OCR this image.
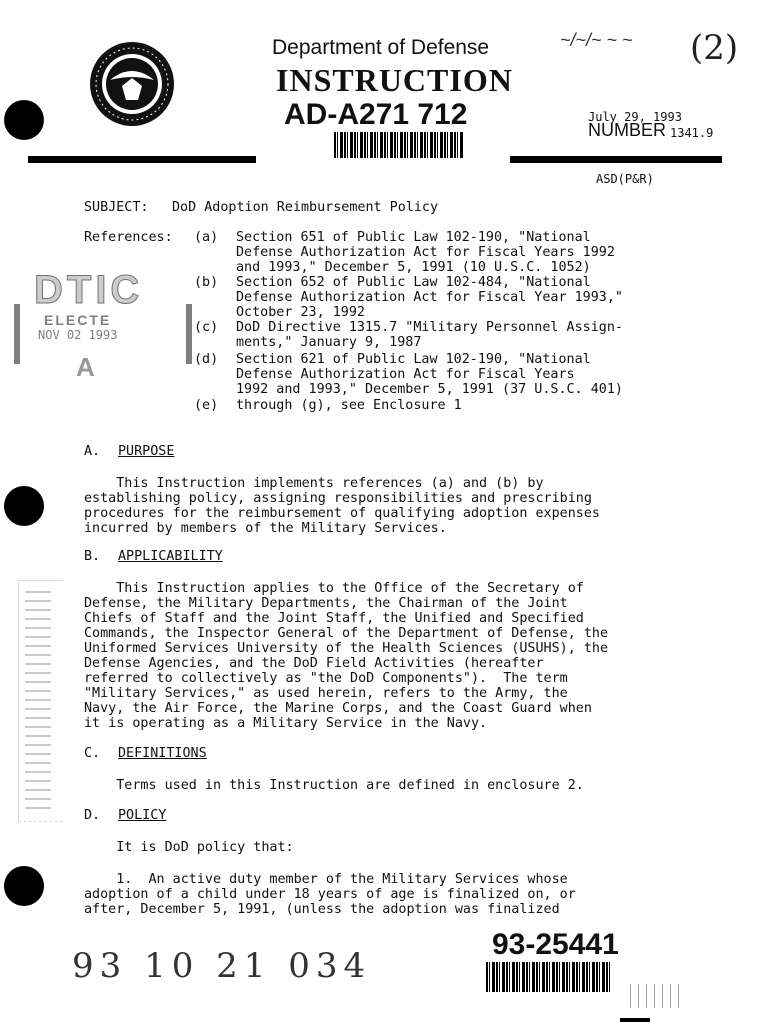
Department of Defense
INSTRUCTION
AD-A271 712
~/~/~ ~ ~ (2)
July 29, 1993
NUMBER 1341.9
ASD(P&R)
SUBJECT: DoD Adoption Reimbursement Policy
References: (a) Section 651 of Public Law 102-190, "National
Defense Authorization Act for Fiscal Years 1992
and 1993," December 5, 1991 (10 U.S.C. 1052)
(b) Section 652 of Public Law 102-484, "National
Defense Authorization Act for Fiscal Year 1993,"
October 23, 1992
(c) DoD Directive 1315.7 "Military Personnel Assign-
ments," January 9, 1987
(d) Section 621 of Public Law 102-190, "National
Defense Authorization Act for Fiscal Years
1992 and 1993," December 5, 1991 (37 U.S.C. 401)
(e) through (g), see Enclosure 1
DTIC
ELECTE
NOV 02 1993
A
A. PURPOSE
This Instruction implements references (a) and (b) by
establishing policy, assigning responsibilities and prescribing
procedures for the reimbursement of qualifying adoption expenses
incurred by members of the Military Services.
B. APPLICABILITY
This Instruction applies to the Office of the Secretary of
Defense, the Military Departments, the Chairman of the Joint
Chiefs of Staff and the Joint Staff, the Unified and Specified
Commands, the Inspector General of the Department of Defense, the
Uniformed Services University of the Health Sciences (USUHS), the
Defense Agencies, and the DoD Field Activities (hereafter
referred to collectively as "the DoD Components").  The term
"Military Services," as used herein, refers to the Army, the
Navy, the Air Force, the Marine Corps, and the Coast Guard when
it is operating as a Military Service in the Navy.
C. DEFINITIONS
Terms used in this Instruction are defined in enclosure 2.
D. POLICY
It is DoD policy that:
1.  An active duty member of the Military Services whose
adoption of a child under 18 years of age is finalized on, or
after, December 5, 1991, (unless the adoption was finalized
93 10 21 034
93-25441
